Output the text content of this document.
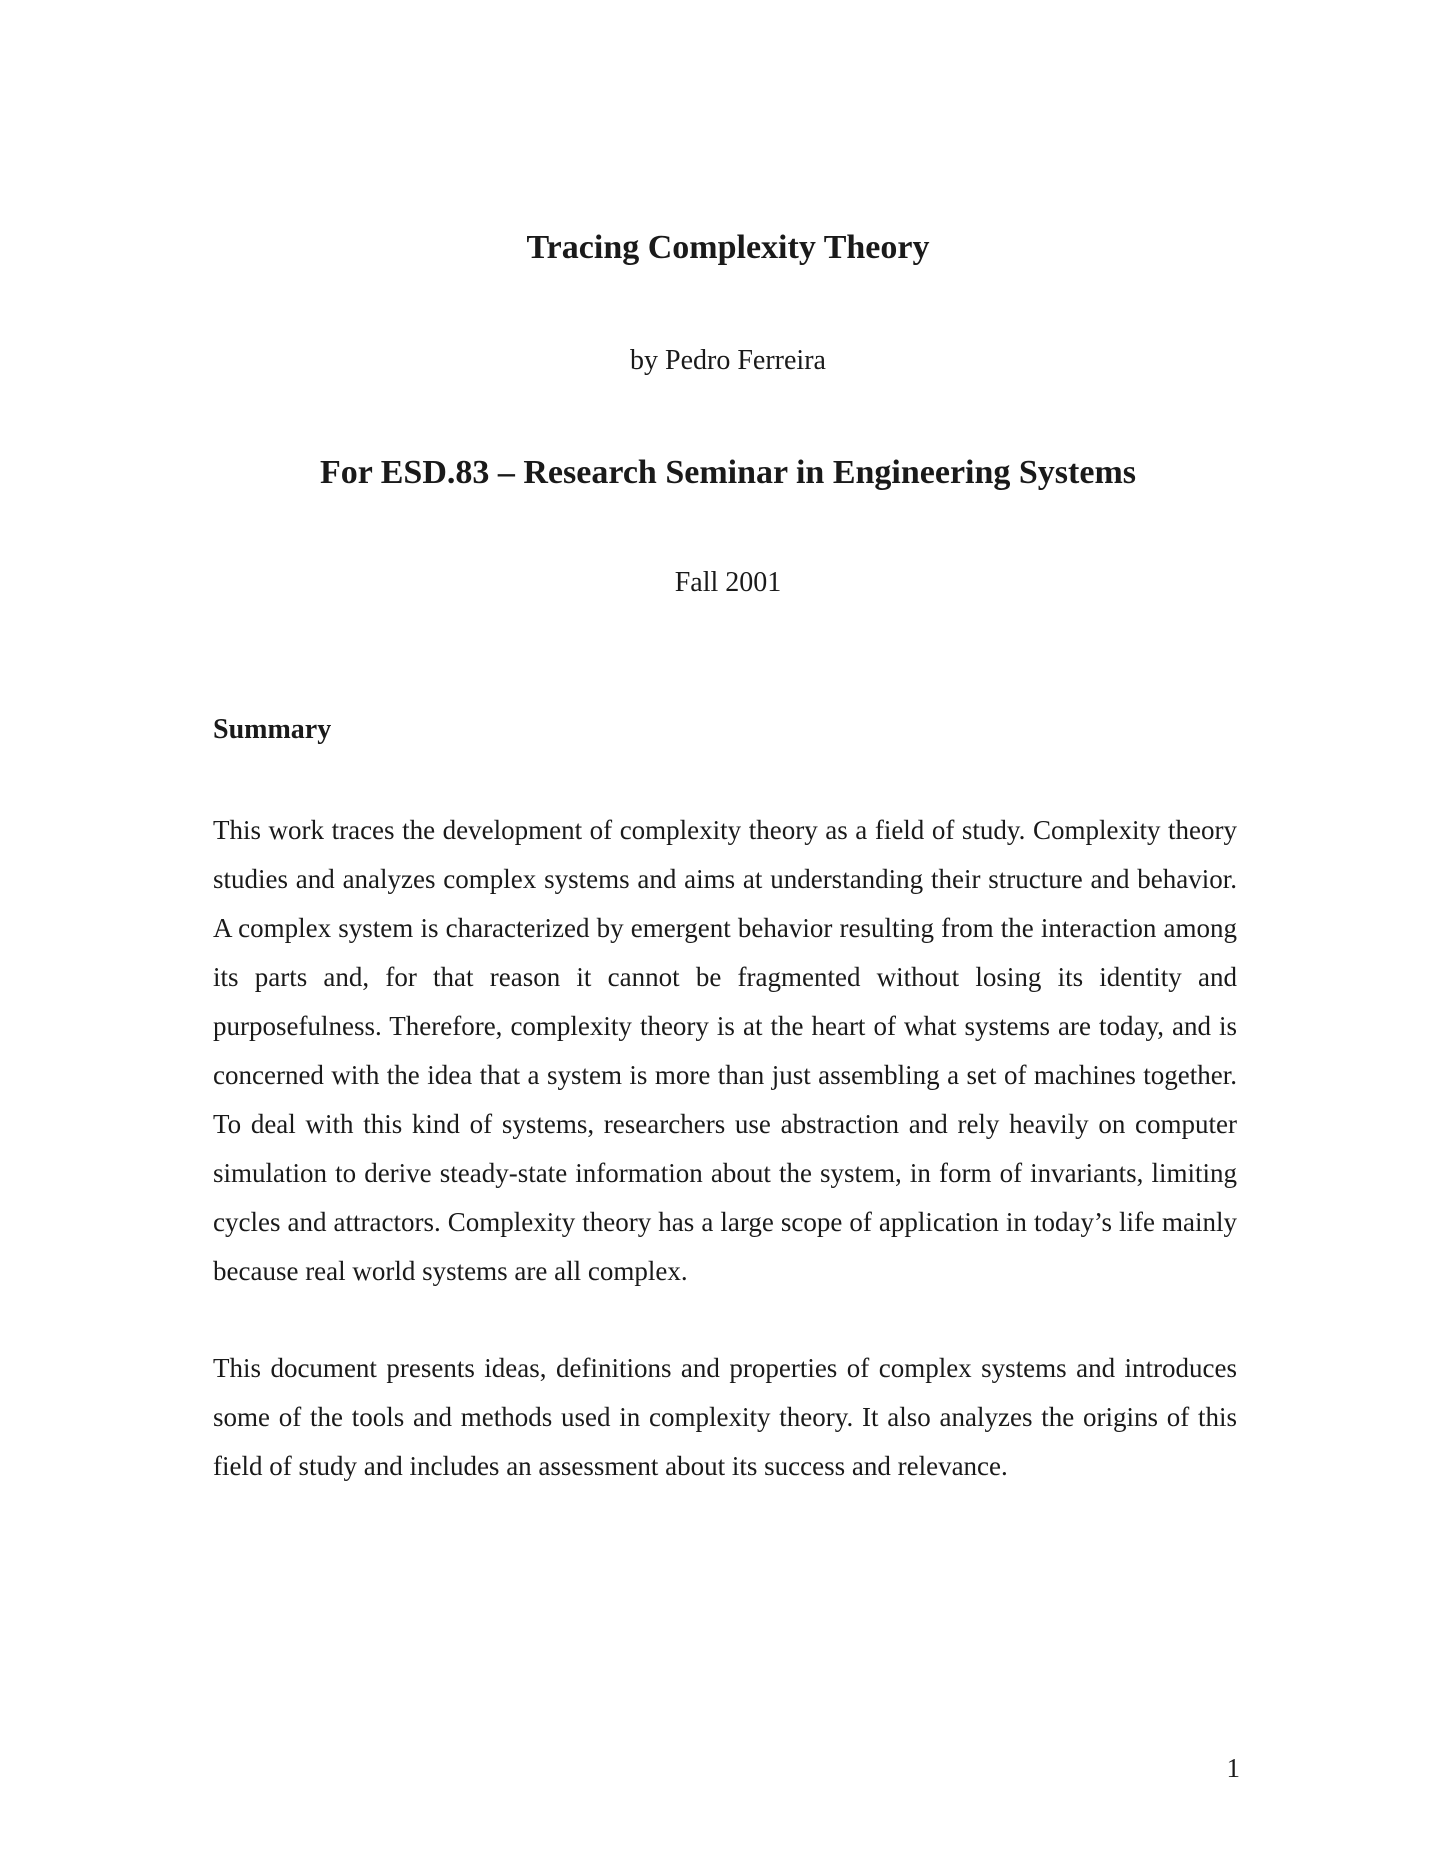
Tracing Complexity Theory

by Pedro Ferreira

For ESD.83 – Research Seminar in Engineering Systems

Fall 2001

Summary

This work traces the development of complexity theory as a field of study. Complexity theory studies and analyzes complex systems and aims at understanding their structure and behavior. A complex system is characterized by emergent behavior resulting from the interaction among its parts and, for that reason it cannot be fragmented without losing its identity and purposefulness. Therefore, complexity theory is at the heart of what systems are today, and is concerned with the idea that a system is more than just assembling a set of machines together. To deal with this kind of systems, researchers use abstraction and rely heavily on computer simulation to derive steady-state information about the system, in form of invariants, limiting cycles and attractors. Complexity theory has a large scope of application in today’s life mainly because real world systems are all complex.

This document presents ideas, definitions and properties of complex systems and introduces some of the tools and methods used in complexity theory. It also analyzes the origins of this field of study and includes an assessment about its success and relevance.

1
